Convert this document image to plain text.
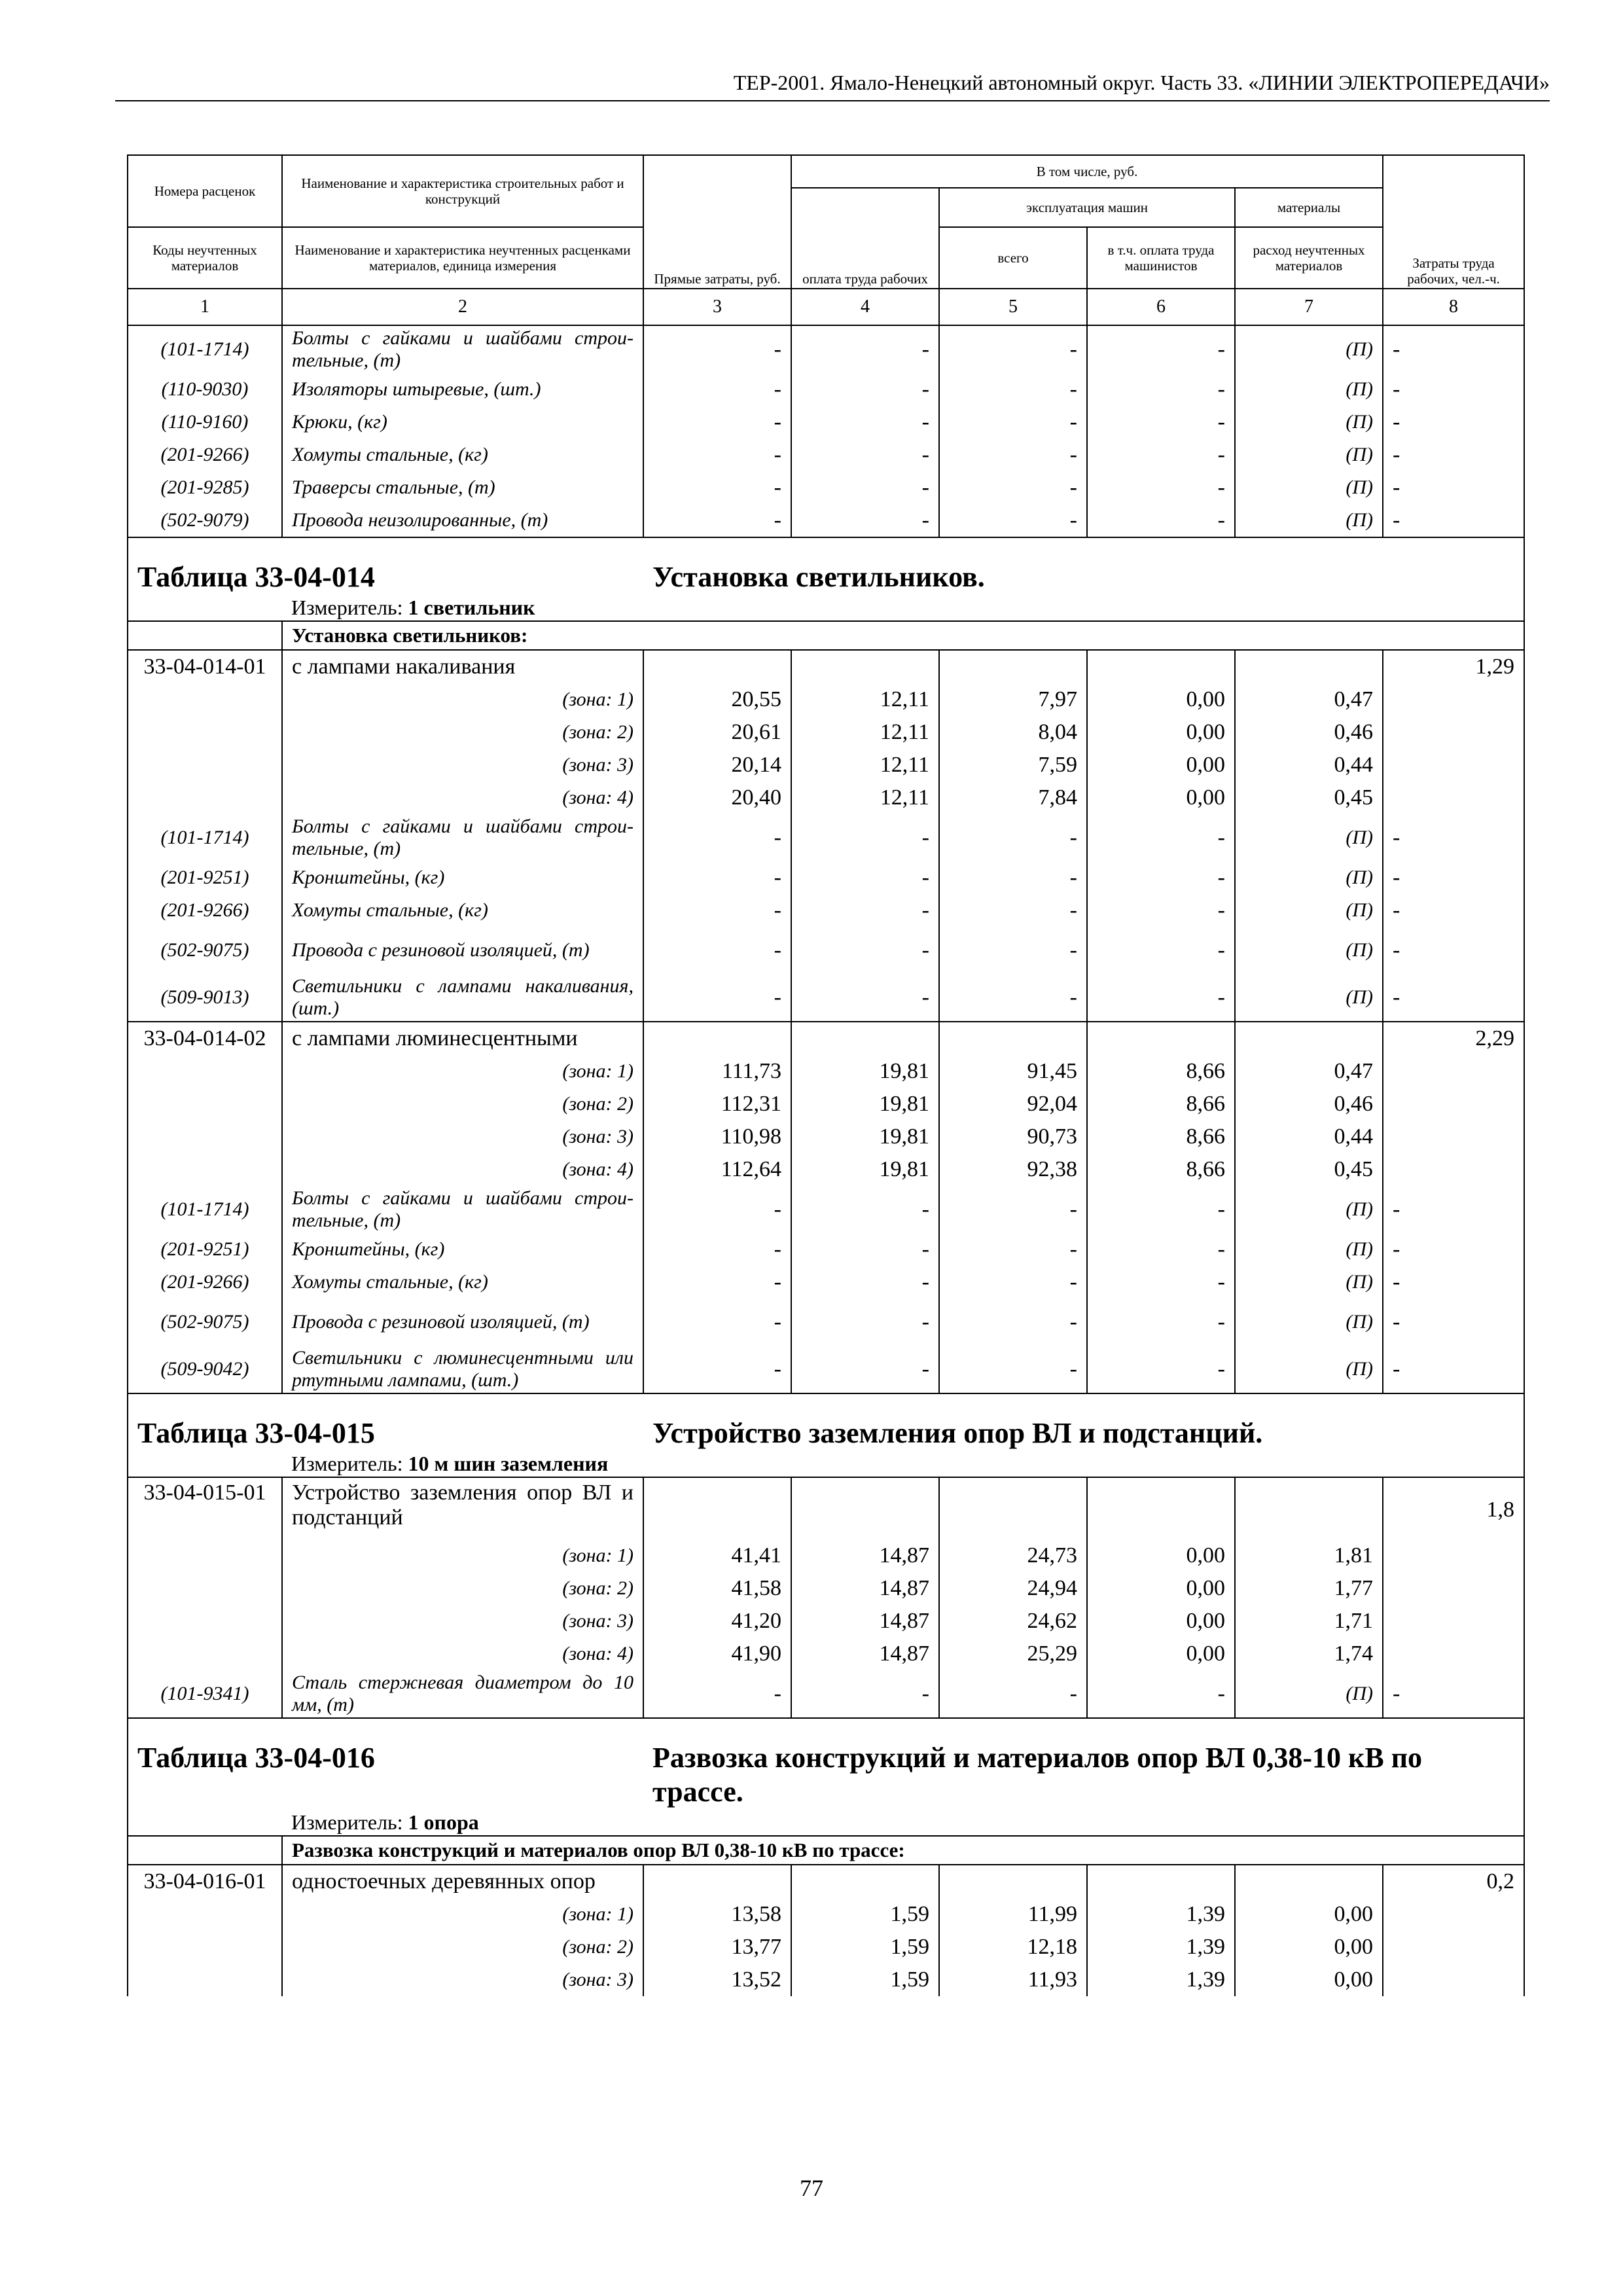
ТЕР-2001. Ямало-Ненецкий автономный округ. Часть 33. «ЛИНИИ ЭЛЕКТРОПЕРЕДАЧИ»
Номера расценок	Наименование и характеристика строительных работ и конструкций	Прямые затраты, руб.	В том числе, руб.				Затраты труда рабочих, чел.-ч.
			оплата труда рабочих	эксплуатация машин		материалы	
Коды неучтенных материалов	Наименование и характеристика неучтенных расценками материалов, единица измерения			всего	в т.ч. оплата труда машинистов	расход неучтенных материалов	
1	2	3	4	5	6	7	8
(101-1714)	Болты с гайками и шайбами строи-тельные, (т)	-	-	-	-	(П)	-
(110-9030)	Изоляторы штыревые, (шт.)	-	-	-	-	(П)	-
(110-9160)	Крюки, (кг)	-	-	-	-	(П)	-
(201-9266)	Хомуты стальные, (кг)	-	-	-	-	(П)	-
(201-9285)	Траверсы стальные, (т)	-	-	-	-	(П)	-
(502-9079)	Провода неизолированные, (т)	-	-	-	-	(П)	-
Таблица 33-04-014		Установка светильников.					
	Измеритель: 1 светильник						
	Установка светильников:						
33-04-014-01	с лампами накаливания						1,29
	(зона: 1)	20,55	12,11	7,97	0,00	0,47	
	(зона: 2)	20,61	12,11	8,04	0,00	0,46	
	(зона: 3)	20,14	12,11	7,59	0,00	0,44	
	(зона: 4)	20,40	12,11	7,84	0,00	0,45	
(101-1714)	Болты с гайками и шайбами строи-тельные, (т)	-	-	-	-	(П)	-
(201-9251)	Кронштейны, (кг)	-	-	-	-	(П)	-
(201-9266)	Хомуты стальные, (кг)	-	-	-	-	(П)	-
(502-9075)	Провода с резиновой изоляцией, (т)	-	-	-	-	(П)	-
(509-9013)	Светильники с лампами накаливания, (шт.)	-	-	-	-	(П)	-
33-04-014-02	с лампами люминесцентными						2,29
	(зона: 1)	111,73	19,81	91,45	8,66	0,47	
	(зона: 2)	112,31	19,81	92,04	8,66	0,46	
	(зона: 3)	110,98	19,81	90,73	8,66	0,44	
	(зона: 4)	112,64	19,81	92,38	8,66	0,45	
(101-1714)	Болты с гайками и шайбами строи-тельные, (т)	-	-	-	-	(П)	-
(201-9251)	Кронштейны, (кг)	-	-	-	-	(П)	-
(201-9266)	Хомуты стальные, (кг)	-	-	-	-	(П)	-
(502-9075)	Провода с резиновой изоляцией, (т)	-	-	-	-	(П)	-
(509-9042)	Светильники с люминесцентными или ртутными лампами, (шт.)	-	-	-	-	(П)	-
Таблица 33-04-015		Устройство заземления опор ВЛ и подстанций.					
	Измеритель: 10 м шин заземления						
33-04-015-01	Устройство заземления опор ВЛ и подстанций						1,8
	(зона: 1)	41,41	14,87	24,73	0,00	1,81	
	(зона: 2)	41,58	14,87	24,94	0,00	1,77	
	(зона: 3)	41,20	14,87	24,62	0,00	1,71	
	(зона: 4)	41,90	14,87	25,29	0,00	1,74	
(101-9341)	Сталь стержневая диаметром до 10 мм, (т)	-	-	-	-	(П)	-
Таблица 33-04-016		Развозка конструкций и материалов опор ВЛ 0,38-10 кВ по трассе.					
	Измеритель: 1 опора						
	Развозка конструкций и материалов опор ВЛ 0,38-10 кВ по трассе:						
33-04-016-01	одностоечных деревянных опор						0,2
	(зона: 1)	13,58	1,59	11,99	1,39	0,00	
	(зона: 2)	13,77	1,59	12,18	1,39	0,00	
	(зона: 3)	13,52	1,59	11,93	1,39	0,00	
77
